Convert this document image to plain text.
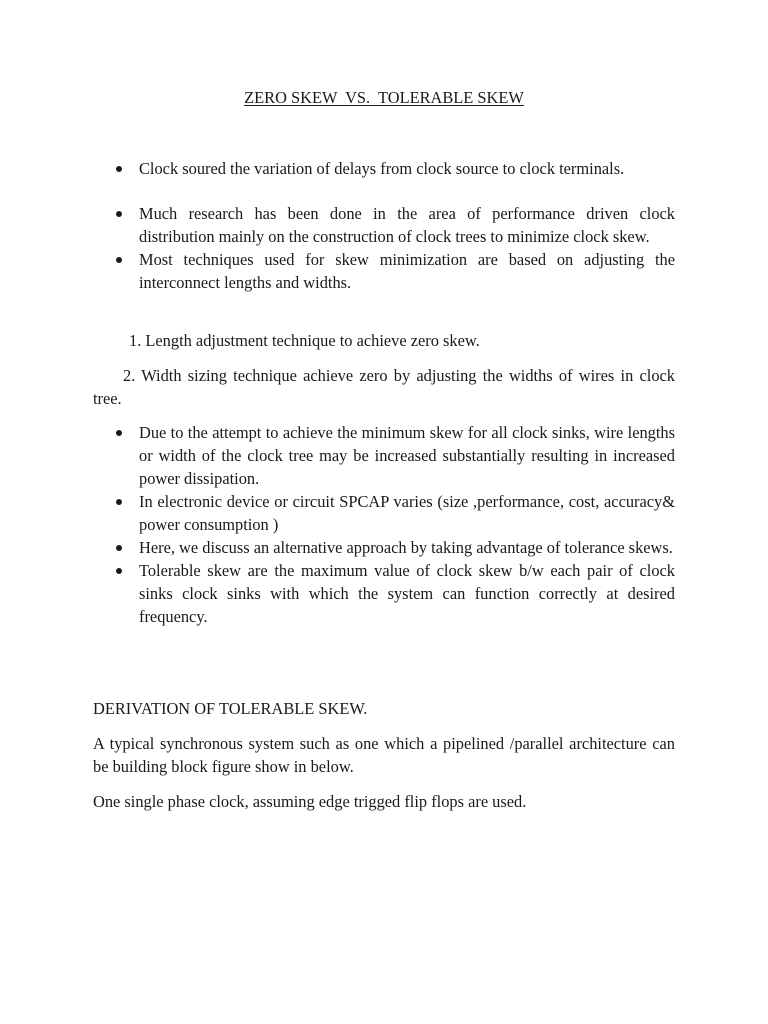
ZERO SKEW  VS.  TOLERABLE SKEW
Clock soured the variation of delays from clock source to clock terminals.
Much research has been done in the area of performance driven clock distribution mainly on the construction of clock trees to minimize clock skew.
Most techniques used for skew minimization are based on adjusting the interconnect lengths and widths.
1. Length adjustment technique to achieve zero skew.
2. Width sizing technique achieve zero by adjusting the widths of wires in clock tree.
Due to the attempt to achieve the minimum skew for all clock sinks, wire lengths or width of the clock tree may be increased substantially resulting in increased power dissipation.
In electronic device or circuit SPCAP varies (size ,performance, cost, accuracy& power consumption )
Here, we discuss an alternative approach by taking advantage of tolerance skews.
Tolerable skew are the maximum value of clock skew b/w each pair of clock sinks clock sinks with which the system can function correctly at desired frequency.
DERIVATION OF TOLERABLE SKEW.
A typical synchronous system such as one which a pipelined /parallel architecture can be building block figure show in below.
One single phase clock, assuming edge trigged flip flops are used.
